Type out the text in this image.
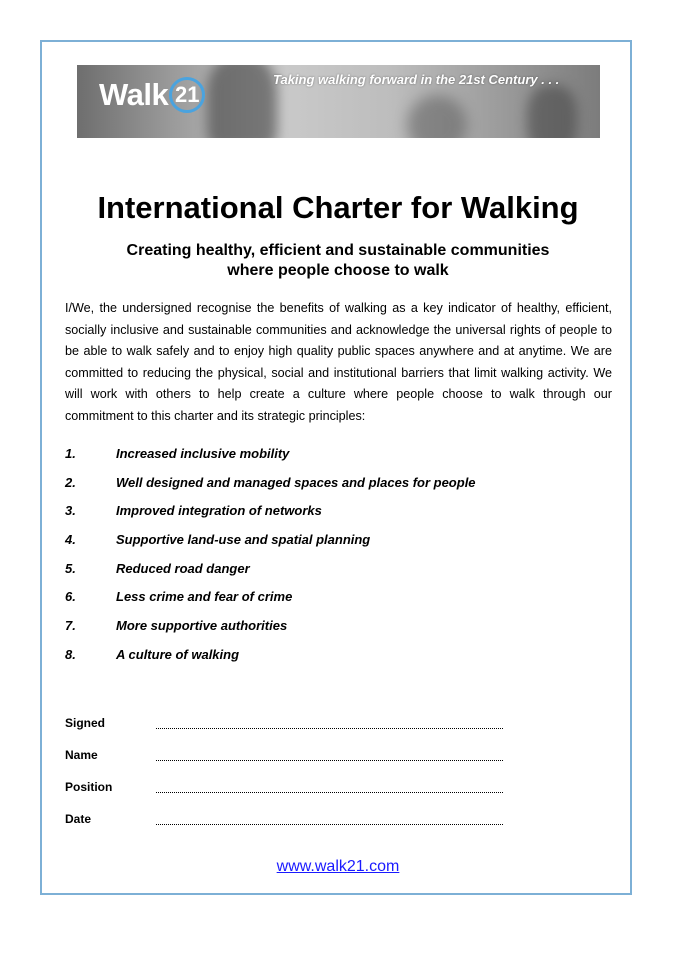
Walk 21
Taking walking forward in the 21st Century . . .
International Charter for Walking
Creating healthy, efficient and sustainable communities
where people choose to walk

I/We, the undersigned recognise the benefits of walking as a key indicator of healthy, efficient, socially inclusive and sustainable communities and acknowledge the universal rights of people to be able to walk safely and to enjoy high quality public spaces anywhere and at anytime. We are committed to reducing the physical, social and institutional barriers that limit walking activity. We will work with others to help create a culture where people choose to walk through our commitment to this charter and its strategic principles:

1.	Increased inclusive mobility
2.	Well designed and managed spaces and places for people
3.	Improved integration of networks
4.	Supportive land-use and spatial planning
5.	Reduced road danger
6.	Less crime and fear of crime
7.	More supportive authorities
8.	A culture of walking
Signed
Name
Position
Date
www.walk21.com
